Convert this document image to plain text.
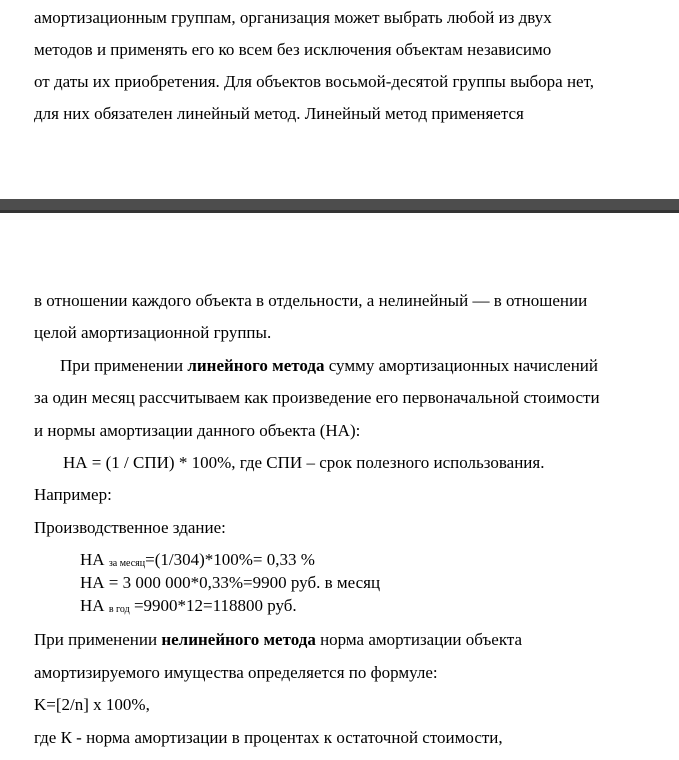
амортизационным группам, организация может выбрать любой из двух
методов и применять его ко всем без исключения объектам независимо
от даты их приобретения. Для объектов восьмой-десятой группы выбора нет,
для них обязателен линейный метод. Линейный метод применяется
в отношении каждого объекта в отдельности, а нелинейный — в отношении
целой амортизационной группы.
При применении линейного метода сумму амортизационных начислений
за один месяц рассчитываем как произведение его первоначальной стоимости
и нормы амортизации данного объекта (НА):
НА = (1 / СПИ) * 100%, где СПИ – срок полезного использования.
Например:
Производственное здание:
НА $_{за месяц}$=(1/304)*100%= 0,33 %
НА = 3 000 000*0,33%=9900 руб. в месяц
НА $_{в год}$ =9900*12=118800 руб.
При применении нелинейного метода норма амортизации объекта
амортизируемого имущества определяется по формуле:
K=[2/n] x 100%,
где К - норма амортизации в процентах к остаточной стоимости,
